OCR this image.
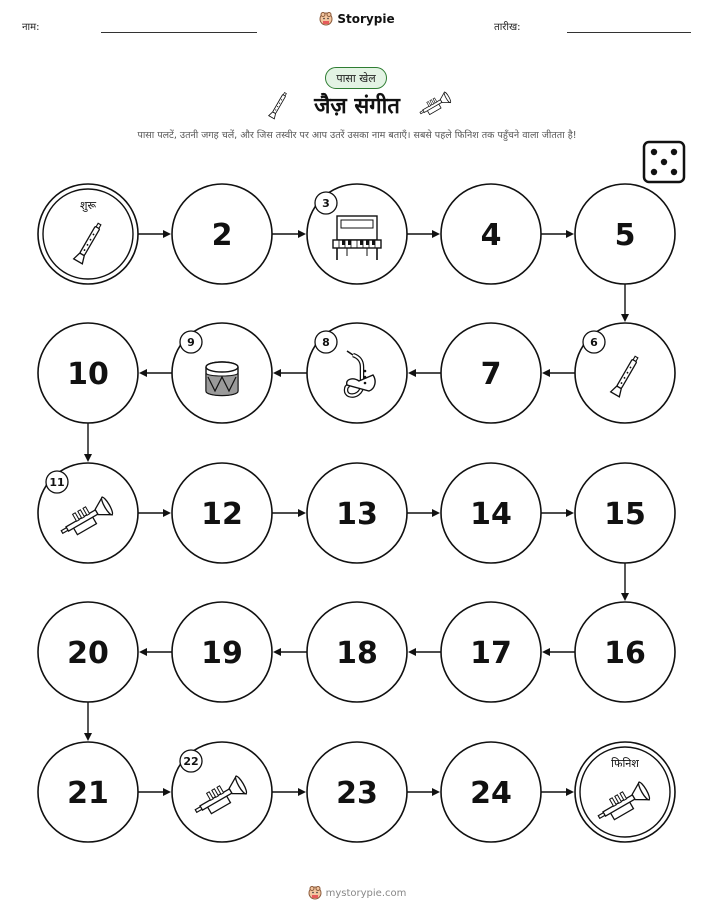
नाम:
Storypie
तारीख:
पासा खेल
जैज़ संगीत
पासा पलटें, उतनी जगह चलें, और जिस तस्वीर पर आप उतरें उसका नाम बताएँ। सबसे पहले फिनिश तक पहुँचने वाला जीतता है!
शुरू
2
3
4	5
6
7
8
9
10
11
12	13	14	15
16
17
18
19
20
21
22
23	24
फिनिश
mystorypie.com
